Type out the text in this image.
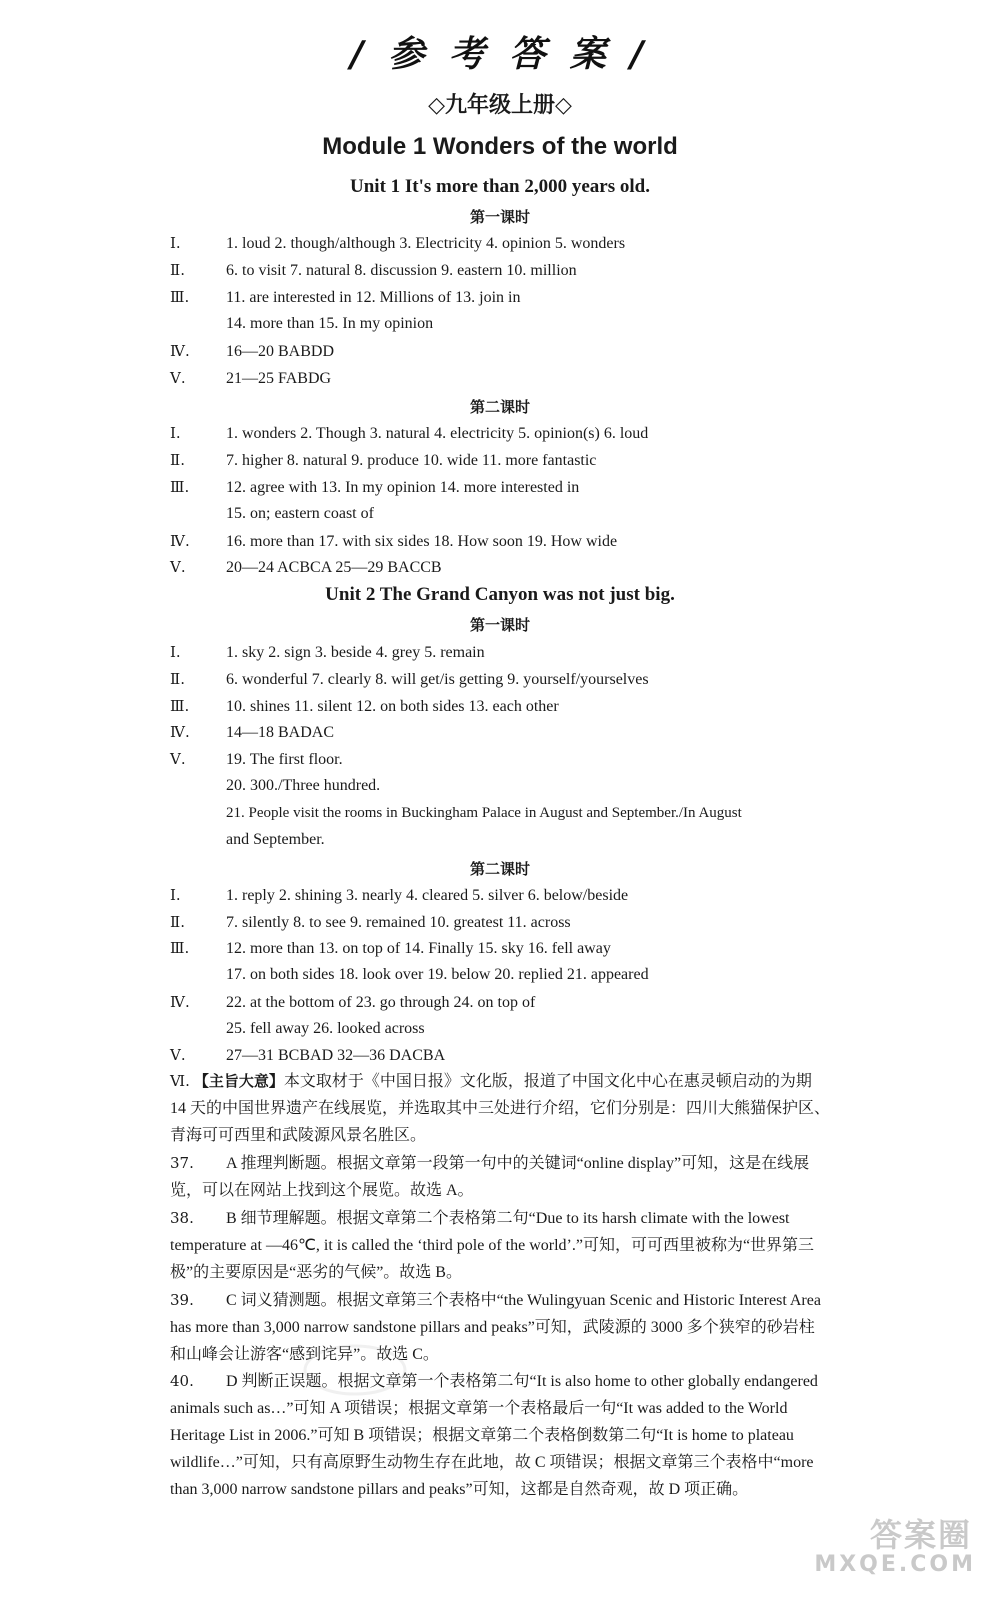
/ 参 考 答 案 /
◇九年级上册◇
Module 1 Wonders of the world
Unit 1 It's more than 2,000 years old.
第一课时
Ⅰ.	1. loud 2. though/although 3. Electricity 4. opinion 5. wonders
Ⅱ.	6. to visit 7. natural 8. discussion 9. eastern 10. million
Ⅲ. 11. are interested in 12. Millions of 13. join in
14. more than 15. In my opinion
Ⅳ. 16—20 BABDD
Ⅴ.	21—25 FABDG
第二课时
Ⅰ.	1. wonders 2. Though 3. natural 4. electricity 5. opinion(s) 6. loud
Ⅱ.	7. higher 8. natural 9. produce 10. wide 11. more fantastic
Ⅲ. 12. agree with 13. In my opinion 14. more interested in
15. on; eastern coast of
Ⅳ. 16. more than 17. with six sides 18. How soon 19. How wide
Ⅴ.	20—24 ACBCA 25—29 BACCB
Unit 2 The Grand Canyon was not just big.
第一课时
Ⅰ.	1. sky 2. sign 3. beside 4. grey 5. remain
Ⅱ.	6. wonderful 7. clearly 8. will get/is getting 9. yourself/yourselves
Ⅲ. 10. shines 11. silent 12. on both sides 13. each other
Ⅳ. 14—18 BADAC
Ⅴ.	19. The first floor.
20. 300./Three hundred.
21. People visit the rooms in Buckingham Palace in August and September./In August
and September.
第二课时
Ⅰ.	1. reply 2. shining 3. nearly 4. cleared 5. silver 6. below/beside
Ⅱ.	7. silently 8. to see 9. remained 10. greatest 11. across
Ⅲ. 12. more than 13. on top of 14. Finally 15. sky 16. fell away
17. on both sides 18. look over 19. below 20. replied 21. appeared
Ⅳ. 22. at the bottom of 23. go through 24. on top of
25. fell away 26. looked across
Ⅴ.	27—31 BCBAD 32—36 DACBA
Ⅵ. 【主旨大意】本文取材于《中国日报》文化版，报道了中国文化中心在惠灵顿启动的为期 14 天的中国世界遗产在线展览，并选取其中三处进行介绍，它们分别是：四川大熊猫保护区、青海可可西里和武陵源风景名胜区。
37. A 推理判断题。根据文章第一段第一句中的关键词“online display”可知，这是在线展览，可以在网站上找到这个展览。故选 A。
38. B 细节理解题。根据文章第二个表格第二句“Due to its harsh climate with the lowest temperature at —46℃, it is called the ‘third pole of the world’.”可知，可可西里被称为“世界第三极”的主要原因是“恶劣的气候”。故选 B。
39. C 词义猜测题。根据文章第三个表格中“the Wulingyuan Scenic and Historic Interest Area has more than 3,000 narrow sandstone pillars and peaks”可知，武陵源的 3000 多个狭窄的砂岩柱和山峰会让游客“感到诧异”。故选 C。
40. D 判断正误题。根据文章第一个表格第二句“It is also home to other globally endangered animals such as…”可知 A 项错误；根据文章第一个表格最后一句“It was added to the World Heritage List in 2006.”可知 B 项错误；根据文章第二个表格倒数第二句“It is home to plateau wildlife…”可知，只有高原野生动物生存在此地，故 C 项错误；根据文章第三个表格中“more than 3,000 narrow sandstone pillars and peaks”可知，这都是自然奇观，故 D 项正确。
答案圈
MXQE.COM
